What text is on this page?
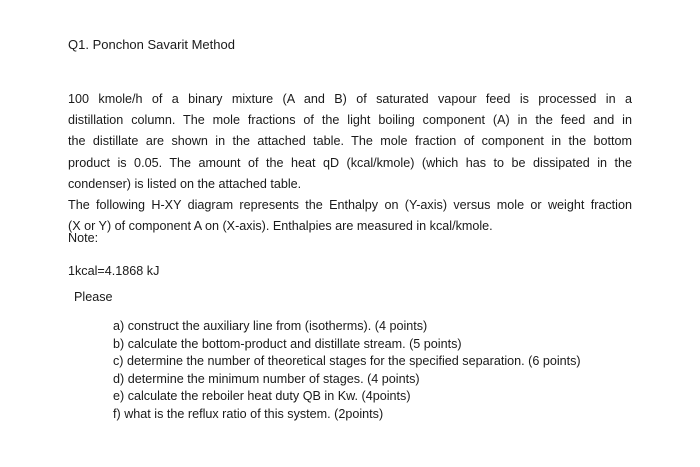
Q1. Ponchon Savarit Method
100 kmole/h of a binary mixture (A and B) of saturated vapour feed is processed in a
distillation column. The mole fractions of the light boiling component (A) in the feed and in
the distillate are shown in the attached table. The mole fraction of component in the bottom
product is 0.05. The amount of the heat qD (kcal/kmole) (which has to be dissipated in the
condenser) is listed on the attached table.
The following H-XY diagram represents the Enthalpy on (Y-axis) versus mole or weight fraction
(X or Y) of component A on (X-axis). Enthalpies are measured in kcal/kmole.
Note:
1kcal=4.1868 kJ
Please
a) construct the auxiliary line from (isotherms). (4 points)
b) calculate the bottom-product and distillate stream. (5 points)
c) determine the number of theoretical stages for the specified separation. (6 points)
d) determine the minimum number of stages. (4 points)
e) calculate the reboiler heat duty QB in Kw. (4points)
f) what is the reflux ratio of this system. (2points)
